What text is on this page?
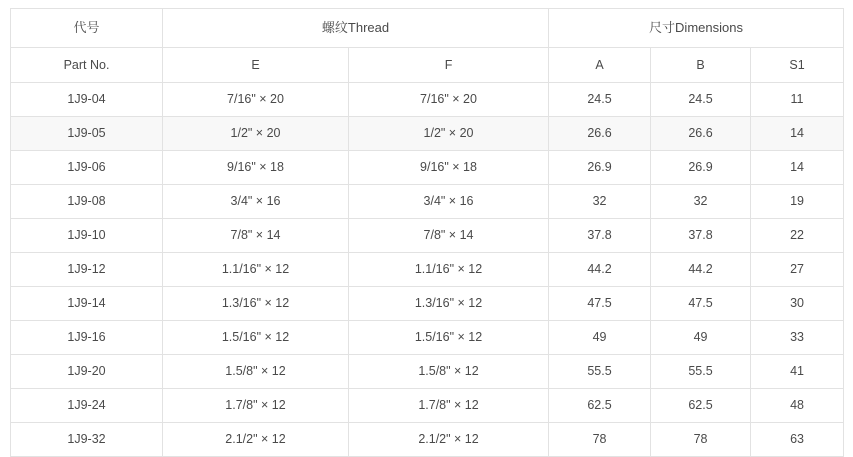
代号	螺纹Thread		尺寸Dimensions		
Part No.	E	F	A	B	S1
1J9-04	7/16" × 20	7/16" × 20	24.5	24.5	11
1J9-05	1/2" × 20	1/2" × 20	26.6	26.6	14
1J9-06	9/16" × 18	9/16" × 18	26.9	26.9	14
1J9-08	3/4" × 16	3/4" × 16	32	32	19
1J9-10	7/8" × 14	7/8" × 14	37.8	37.8	22
1J9-12	1.1/16" × 12	1.1/16" × 12	44.2	44.2	27
1J9-14	1.3/16" × 12	1.3/16" × 12	47.5	47.5	30
1J9-16	1.5/16" × 12	1.5/16" × 12	49	49	33
1J9-20	1.5/8" × 12	1.5/8" × 12	55.5	55.5	41
1J9-24	1.7/8" × 12	1.7/8" × 12	62.5	62.5	48
1J9-32	2.1/2" × 12	2.1/2" × 12	78	78	63
